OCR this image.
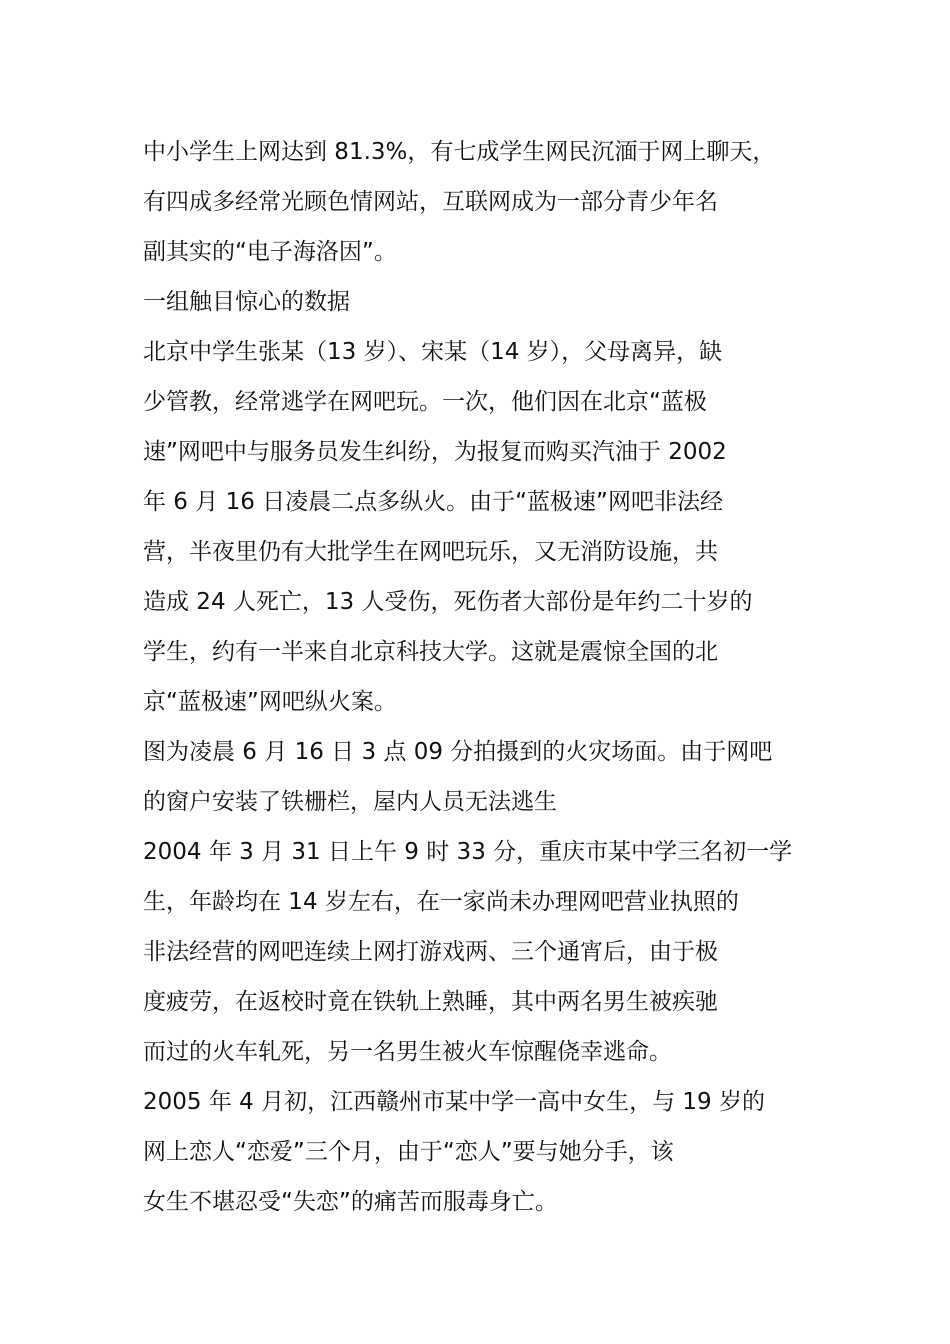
中小学生上网达到 81.3%，有七成学生网民沉湎于网上聊天，
有四成多经常光顾色情网站，互联网成为一部分青少年名
副其实的“电子海洛因”。
一组触目惊心的数据
北京中学生张某（13 岁）、宋某（14 岁），父母离异，缺
少管教，经常逃学在网吧玩。一次，他们因在北京“蓝极
速”网吧中与服务员发生纠纷，为报复而购买汽油于 2002
年 6 月 16 日凌晨二点多纵火。由于“蓝极速”网吧非法经
营，半夜里仍有大批学生在网吧玩乐，又无消防设施，共
造成 24 人死亡，13 人受伤，死伤者大部份是年约二十岁的
学生，约有一半来自北京科技大学。这就是震惊全国的北
京“蓝极速”网吧纵火案。
图为凌晨 6 月 16 日 3 点 09 分拍摄到的火灾场面。由于网吧
的窗户安装了铁栅栏，屋内人员无法逃生
2004 年 3 月 31 日上午 9 时 33 分，重庆市某中学三名初一学
生，年龄均在 14 岁左右，在一家尚未办理网吧营业执照的
非法经营的网吧连续上网打游戏两、三个通宵后，由于极
度疲劳，在返校时竟在铁轨上熟睡，其中两名男生被疾驰
而过的火车轧死，另一名男生被火车惊醒侥幸逃命。
2005 年 4 月初，江西赣州市某中学一高中女生，与 19 岁的
网上恋人“恋爱”三个月，由于“恋人”要与她分手，该
女生不堪忍受“失恋”的痛苦而服毒身亡。
